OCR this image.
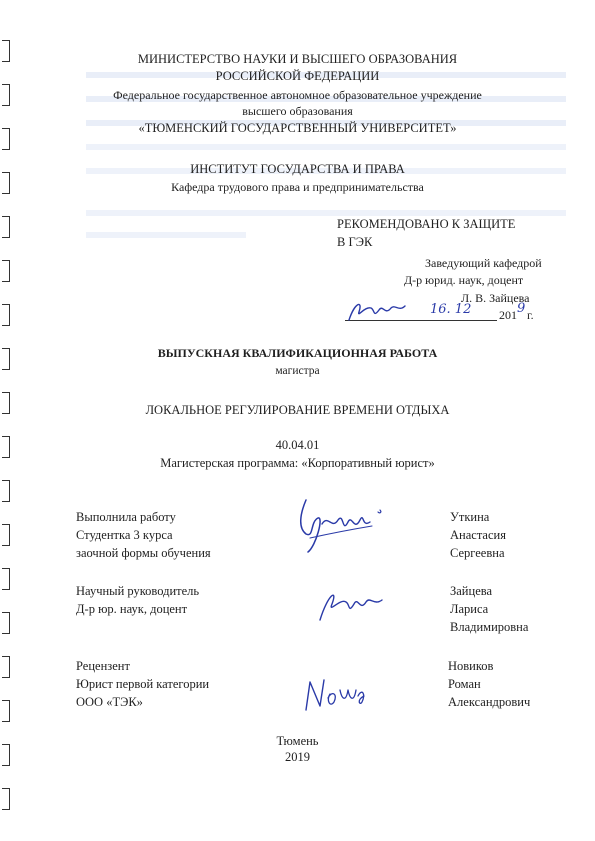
МИНИСТЕРСТВО НАУКИ И ВЫСШЕГО ОБРАЗОВАНИЯ
РОССИЙСКОЙ ФЕДЕРАЦИИ
Федеральное государственное автономное образовательное учреждение
высшего образования
«ТЮМЕНСКИЙ ГОСУДАРСТВЕННЫЙ УНИВЕРСИТЕТ»
ИНСТИТУТ ГОСУДАРСТВА И ПРАВА
Кафедра трудового права и предпринимательства
РЕКОМЕНДОВАНО К ЗАЩИТЕ
В ГЭК
Заведующий кафедрой
Д-р юрид. наук, доцент
Л. В. Зайцева
16. 12 201 9 г.
ВЫПУСКНАЯ КВАЛИФИКАЦИОННАЯ РАБОТА
магистра
ЛОКАЛЬНОЕ РЕГУЛИРОВАНИЕ ВРЕМЕНИ ОТДЫХА
40.04.01
Магистерская программа: «Корпоративный юрист»
Выполнила работу
Студентка 3 курса
заочной формы обучения
Уткина
Анастасия
Сергеевна
Научный руководитель
Д-р юр. наук, доцент
Зайцева
Лариса
Владимировна
Рецензент
Юрист первой категории
ООО «ТЭК»
Новиков
Роман
Александрович
Тюмень
2019
